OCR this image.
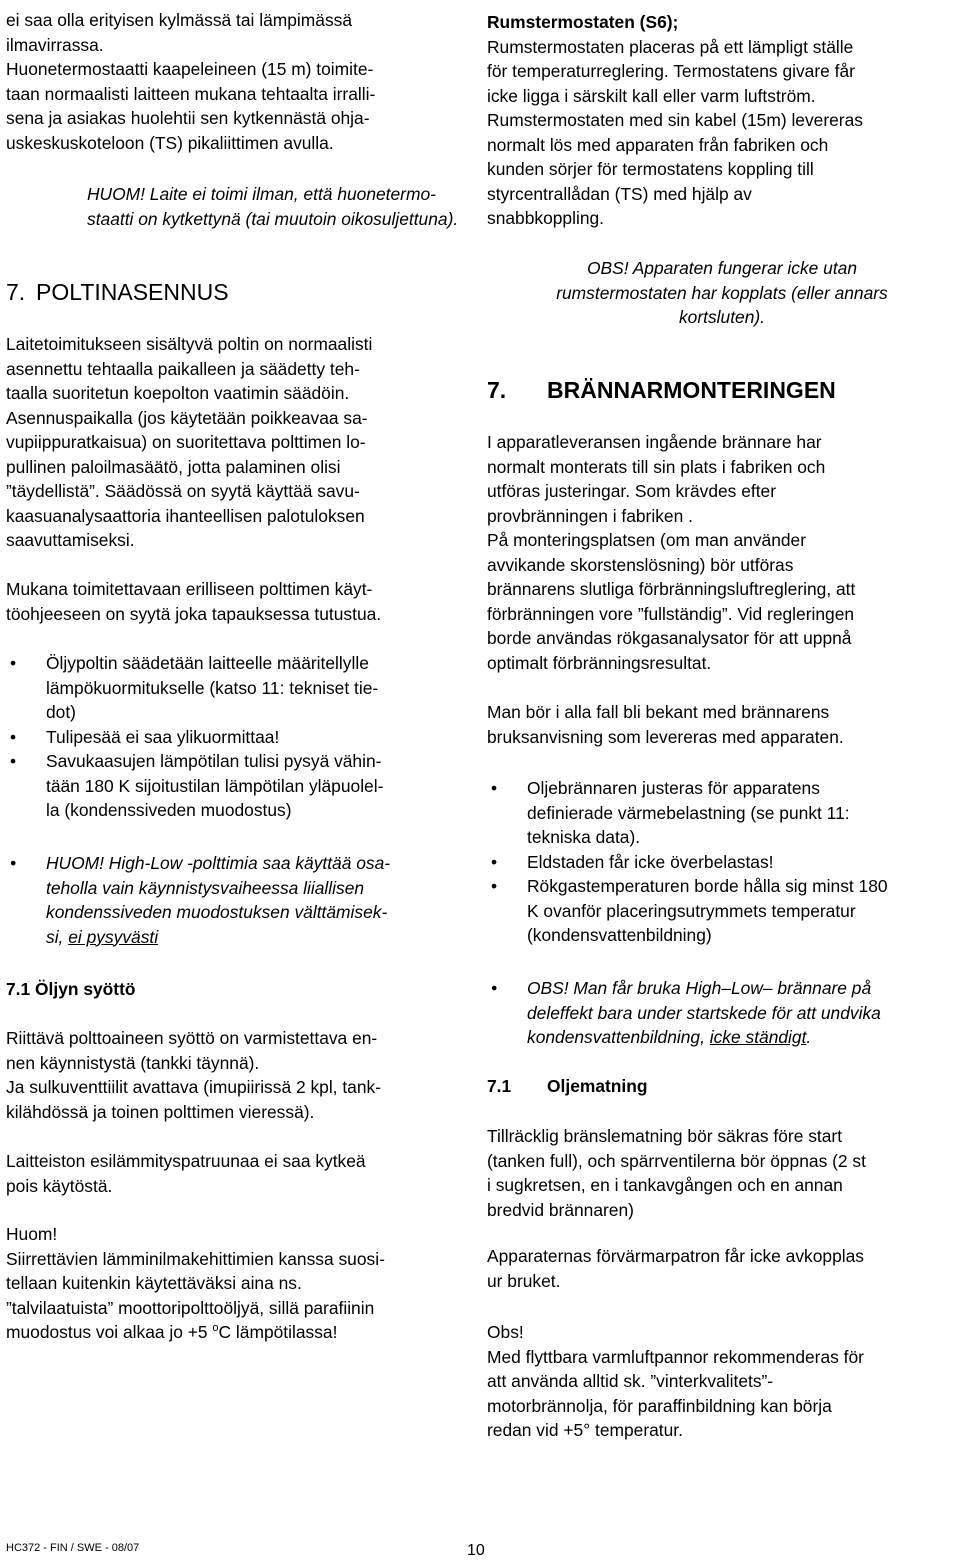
ei saa olla erityisen kylmässä tai lämpimässä

ilmavirrassa.

Huonetermostaatti kaapeleineen (15 m) toimite-

taan normaalisti laitteen mukana tehtaalta irralli-

sena ja asiakas huolehtii sen kytkennästä ohja-

uskeskuskoteloon (TS) pikaliittimen avulla.

HUOM! Laite ei toimi ilman, että huonetermo-

staatti on kytkettynä (tai muutoin oikosuljettuna).

7. POLTINASENNUS

Laitetoimitukseen sisältyvä poltin on normaalisti

asennettu tehtaalla paikalleen ja säädetty teh-

taalla suoritetun koepolton vaatimin säädöin.

Asennuspaikalla (jos käytetään poikkeavaa sa-

vupiippuratkaisua) on suoritettava polttimen lo-

pullinen paloilmasäätö, jotta palaminen olisi

”täydellistä”. Säädössä on syytä käyttää savu-

kaasuanalysaattoria ihanteellisen palotuloksen

saavuttamiseksi.

Mukana toimitettavaan erilliseen polttimen käyt-

töohjeeseen on syytä joka tapauksessa tutustua.

• Öljypoltin säädetään laitteelle määritellylle
lämpökuormitukselle (katso 11: tekniset tie-
dot)
• Tulipesää ei saa ylikuormittaa!
• Savukaasujen lämpötilan tulisi pysyä vähin-
tään 180 K sijoitustilan lämpötilan yläpuolel-
la (kondenssiveden muodostus)
• HUOM! High-Low -polttimia saa käyttää osa-
teholla vain käynnistysvaiheessa liiallisen
kondenssiveden muodostuksen välttämisek-
si, ei pysyvästi
7.1 Öljyn syöttö

Riittävä polttoaineen syöttö on varmistettava en-

nen käynnistystä (tankki täynnä).

Ja sulkuventtiilit avattava (imupiirissä 2 kpl, tank-

kilähdössä ja toinen polttimen vieressä).

Laitteiston esilämmityspatruunaa ei saa kytkeä

pois käytöstä.

Huom!

Siirrettävien lämminilmakehittimien kanssa suosi-

tellaan kuitenkin käytettäväksi aina ns.

”talvilaatuista” moottoripolttoöljyä, sillä parafiinin

muodostus voi alkaa jo +5 $^o$C lämpötilassa!

Rumstermostaten (S6);

Rumstermostaten placeras på ett lämpligt ställe

för temperaturreglering. Termostatens givare får

icke ligga i särskilt kall eller varm luftström.

Rumstermostaten med sin kabel (15m) levereras

normalt lös med apparaten från fabriken och

kunden sörjer för termostatens koppling till

styrcentrallådan (TS) med hjälp av

snabbkoppling.

OBS! Apparaten fungerar icke utan

rumstermostaten har kopplats (eller annars

kortsluten).

7. BRÄNNARMONTERINGEN

I apparatleveransen ingående brännare har

normalt monterats till sin plats i fabriken och

utföras justeringar. Som krävdes efter

provbränningen i fabriken .

På monteringsplatsen (om man använder

avvikande skorstenslösning) bör utföras

brännarens slutliga förbränningsluftreglering, att

förbränningen vore ”fullständig”. Vid regleringen

borde användas rökgasanalysator för att uppnå

optimalt förbränningsresultat.

Man bör i alla fall bli bekant med brännarens

bruksanvisning som levereras med apparaten.

• Oljebrännaren justeras för apparatens
definierade värmebelastning (se punkt 11:
tekniska data).
• Eldstaden får icke överbelastas!
• Rökgastemperaturen borde hålla sig minst 180
K ovanför placeringsutrymmets temperatur
(kondensvattenbildning)
• OBS! Man får bruka High–Low– brännare på
deleffekt bara under startskede för att undvika
kondensvattenbildning, icke ständigt.
7.1 Oljematning

Tillräcklig bränslematning bör säkras före start

(tanken full), och spärrventilerna bör öppnas (2 st

i sugkretsen, en i tankavgången och en annan

bredvid brännaren)

Apparaternas förvärmarpatron får icke avkopplas

ur bruket.

Obs!

Med flyttbara varmluftpannor rekommenderas för

att använda alltid sk. ”vinterkvalitets”-

motorbrännolja, för paraffinbildning kan börja

redan vid +5° temperatur.

HC372 - FIN / SWE - 08/07	10
